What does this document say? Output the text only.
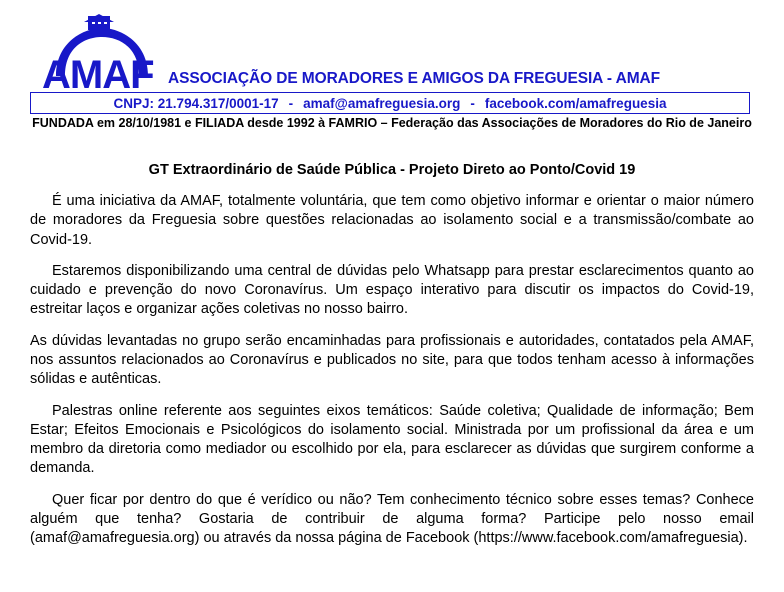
AMAF ASSOCIAÇÃO DE MORADORES E AMIGOS DA FREGUESIA - AMAF
CNPJ: 21.794.317/0001-17 - amaf@amafreguesia.org - facebook.com/amafreguesia
FUNDADA em 28/10/1981 e FILIADA desde 1992 à FAMRIO – Federação das Associações de Moradores do Rio de Janeiro
GT Extraordinário de Saúde Pública - Projeto Direto ao Ponto/Covid 19

É uma iniciativa da AMAF, totalmente voluntária, que tem como objetivo informar e orientar o maior número de moradores da Freguesia sobre questões relacionadas ao isolamento social e a transmissão/combate ao Covid-19.

Estaremos disponibilizando uma central de dúvidas pelo Whatsapp para prestar esclarecimentos quanto ao cuidado e prevenção do novo Coronavírus. Um espaço interativo para discutir os impactos do Covid-19, estreitar laços e organizar ações coletivas no nosso bairro.

As dúvidas levantadas no grupo serão encaminhadas para profissionais e autoridades, contatados pela AMAF, nos assuntos relacionados ao Coronavírus e publicados no site, para que todos tenham acesso à informações sólidas e autênticas.

Palestras online referente aos seguintes eixos temáticos: Saúde coletiva; Qualidade de informação; Bem Estar; Efeitos Emocionais e Psicológicos do isolamento social. Ministrada por um profissional da área e um membro da diretoria como mediador ou escolhido por ela, para esclarecer as dúvidas que surgirem conforme a demanda.

Quer ficar por dentro do que é verídico ou não? Tem conhecimento técnico sobre esses temas? Conhece alguém que tenha? Gostaria de contribuir de alguma forma? Participe pelo nosso email (amaf@amafreguesia.org) ou através da nossa página de Facebook (https://www.facebook.com/amafreguesia).
